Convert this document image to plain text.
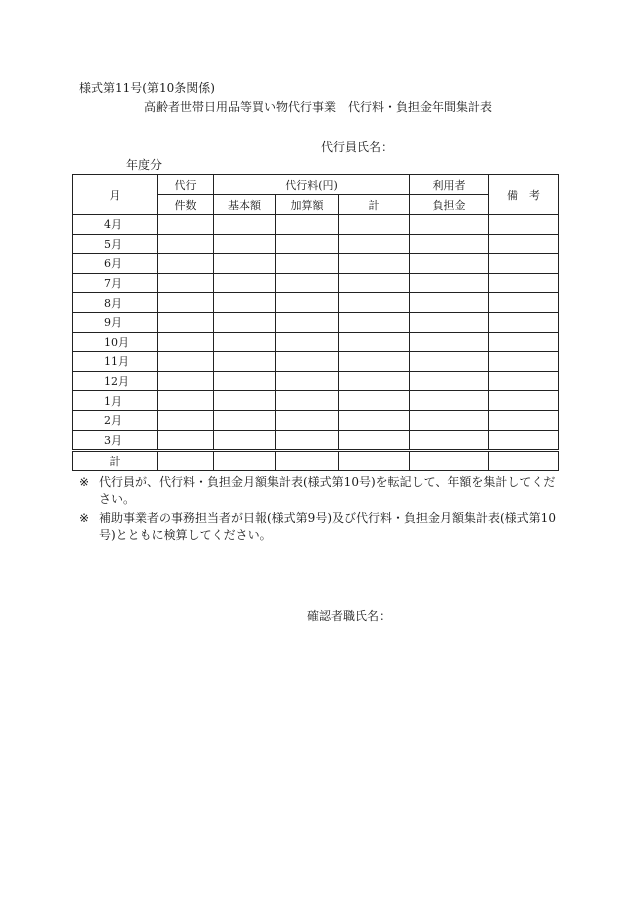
様式第11号(第10条関係)
高齢者世帯日用品等買い物代行事業　代行料・負担金年間集計表
代行員氏名：
年度分
月	代行	代行料(円)			利用者	備　考
	件数	基本額	加算額	計	負担金	
4月						
5月						
6月						
7月						
8月						
9月						
10月						
11月						
12月						
1月						
2月						
3月						
計						
※ 代行員が、代行料・負担金月額集計表(様式第10号)を転記して、年額を集計してください。
※ 補助事業者の事務担当者が日報(様式第9号)及び代行料・負担金月額集計表(様式第10号)とともに検算してください。
確認者職氏名：
